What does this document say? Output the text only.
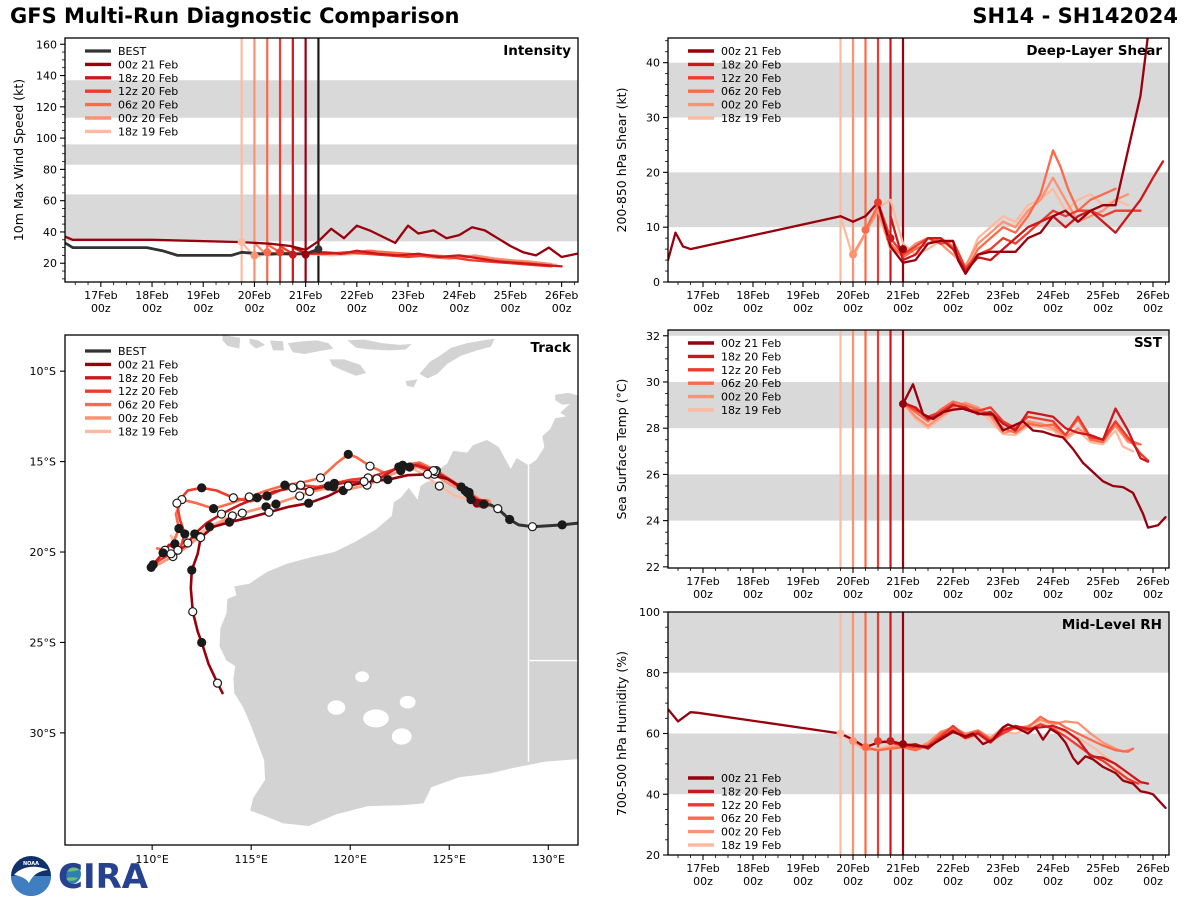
GFS Multi-Run Diagnostic Comparison	SH14 - SH142024
20
40
60
80
100
120
140
160
17Feb
00z
18Feb
00z
19Feb
00z
20Feb
00z
21Feb
00z
22Feb
00z
23Feb
00z
24Feb
00z
25Feb
00z
26Feb
00z
10m Max Wind Speed (kt)
BEST
00z 21 Feb
18z 20 Feb
12z 20 Feb
06z 20 Feb
00z 20 Feb
18z 19 Feb
Intensity
0
10
20
30
40
17Feb
00z
18Feb
00z
19Feb
00z
20Feb
00z
21Feb
00z
22Feb
00z
23Feb
00z
24Feb
00z
25Feb
00z
26Feb
00z
200-850 hPa Shear (kt)
00z 21 Feb
18z 20 Feb
12z 20 Feb
06z 20 Feb
00z 20 Feb
18z 19 Feb
Deep-Layer Shear
22
24
26
28
30
32
17Feb
00z
18Feb
00z
19Feb
00z
20Feb
00z
21Feb
00z
22Feb
00z
23Feb
00z
24Feb
00z
25Feb
00z
26Feb
00z
Sea Surface Temp (°C)
00z 21 Feb
18z 20 Feb
12z 20 Feb
06z 20 Feb
00z 20 Feb
18z 19 Feb
SST
20
40
60
80
100
17Feb
00z
18Feb
00z
19Feb
00z
20Feb
00z
21Feb
00z
22Feb
00z
23Feb
00z
24Feb
00z
25Feb
00z
26Feb
00z
700-500 hPa Humidity (%)	00z 21 Feb
18z 20 Feb
12z 20 Feb
06z 20 Feb
00z 20 Feb
18z 19 Feb
Mid-Level RH
10°S
15°S
20°S
25°S
30°S
110°E	115°E	120°E	125°E	130°E
BEST
00z 21 Feb
18z 20 Feb
12z 20 Feb
06z 20 Feb
00z 20 Feb
18z 19 Feb
Track
NOAA CIRA
